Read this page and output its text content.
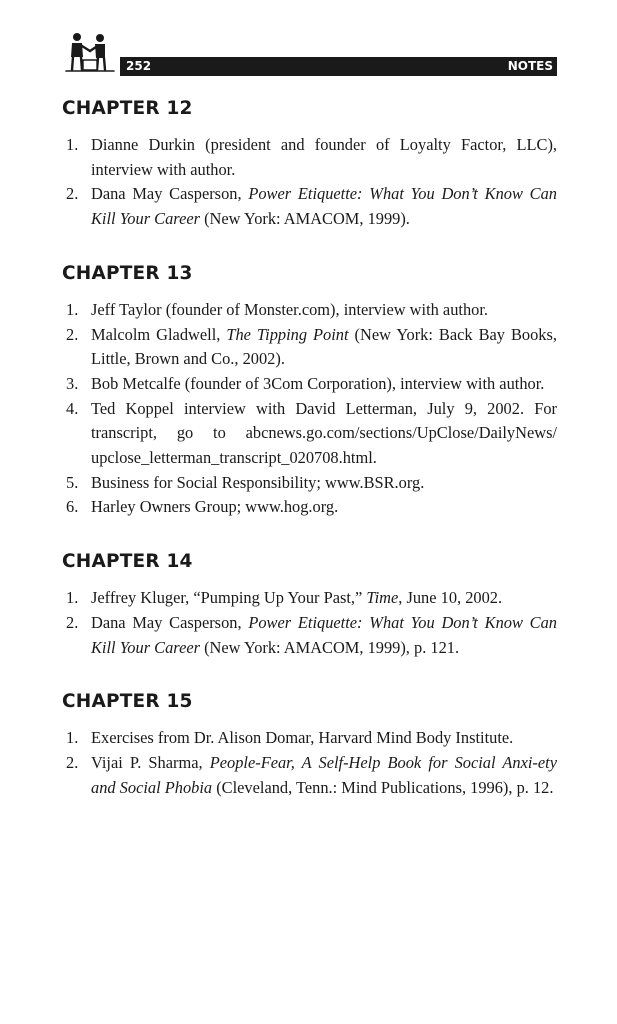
252	NOTES
CHAPTER 12
1. Dianne Durkin (president and founder of Loyalty Factor, LLC), interview with author.
2. Dana May Casperson, Power Etiquette: What You Don’t Know Can Kill Your Career (New York: AMACOM, 1999).
CHAPTER 13
1. Jeff Taylor (founder of Monster.com), interview with author.
2. Malcolm Gladwell, The Tipping Point (New York: Back Bay Books, Little, Brown and Co., 2002).
3. Bob Metcalfe (founder of 3Com Corporation), interview with author.
4. Ted Koppel interview with David Letterman, July 9, 2002. For transcript, go to abcnews.go.com/sections/UpClose/DailyNews/ upclose_letterman_transcript_020708.html.
5. Business for Social Responsibility; www.BSR.org.
6. Harley Owners Group; www.hog.org.
CHAPTER 14
1. Jeffrey Kluger, “Pumping Up Your Past,” Time, June 10, 2002.
2. Dana May Casperson, Power Etiquette: What You Don’t Know Can Kill Your Career (New York: AMACOM, 1999), p. 121.
CHAPTER 15
1. Exercises from Dr. Alison Domar, Harvard Mind Body Institute.
2. Vijai P. Sharma, People-Fear, A Self-Help Book for Social Anxi-ety and Social Phobia (Cleveland, Tenn.: Mind Publications, 1996), p. 12.
